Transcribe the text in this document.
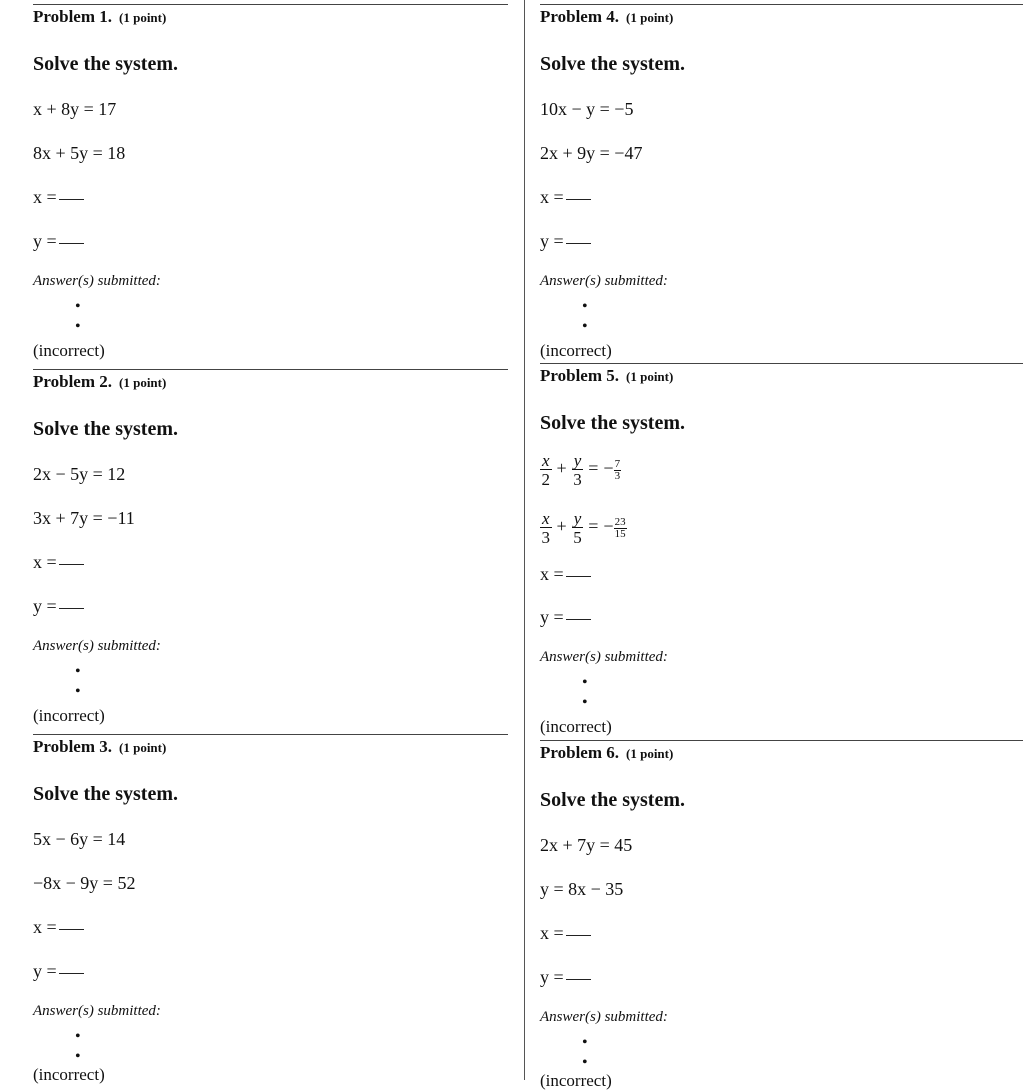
Problem 1. (1 point)
Solve the system.
x + 8y = 17
8x + 5y = 18
x =
y =
Answer(s) submitted:
•
•
(incorrect)
Problem 2. (1 point)
Solve the system.
2x − 5y = 12
3x + 7y = −11
x =
y =
Answer(s) submitted:
•
•
(incorrect)
Problem 3. (1 point)
Solve the system.
5x − 6y = 14
−8x − 9y = 52
x =
y =
Answer(s) submitted:
•
•
(incorrect)
Problem 4. (1 point)
Solve the system.
10x − y = −5
2x + 9y = −47
x =
y =
Answer(s) submitted:
•
•
(incorrect)
Problem 5. (1 point)
Solve the system.
$\frac{x}{2} + \frac{y}{3}$ = − $\frac{7}{3}$
$\frac{x}{3} + \frac{y}{5}$ = − $\frac{23}{15}$
x =
y =
Answer(s) submitted:
•
•
(incorrect)
Problem 6. (1 point)
Solve the system.
2x + 7y = 45
y = 8x − 35
x =
y =
Answer(s) submitted:
•
•
(incorrect)
